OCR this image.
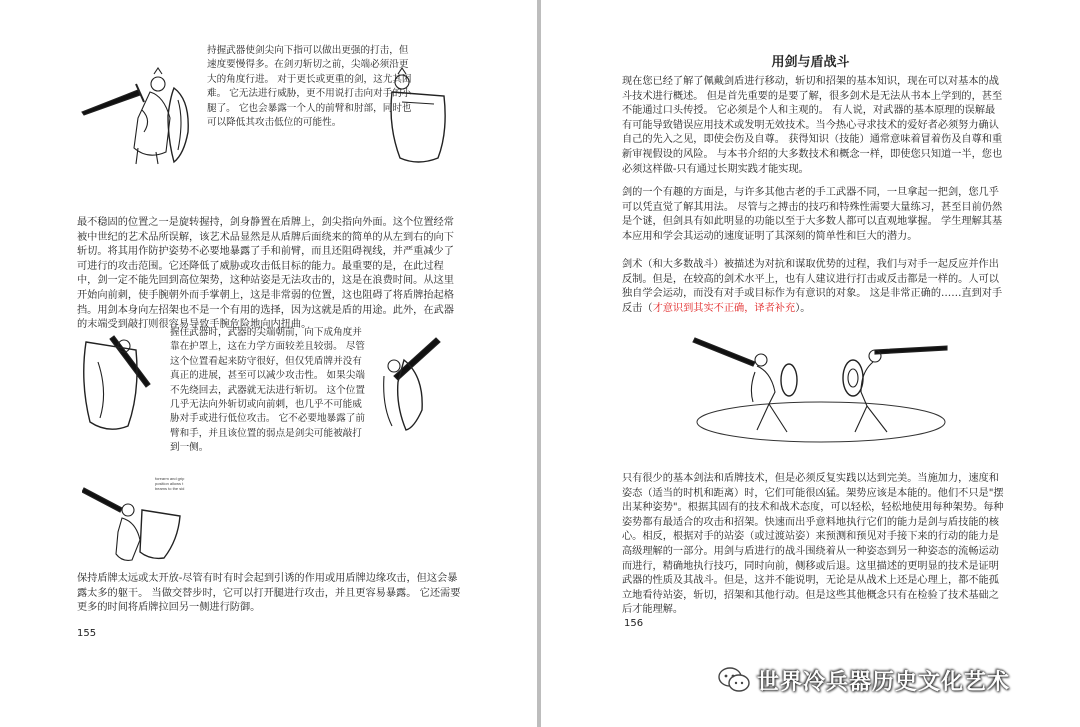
持握武器使剑尖向下指可以做出更强的打击，但速度要慢得多。在剑刃斩切之前，尖端必须沿更大的角度行进。 对于更长或更重的剑，这尤其困难。 它无法进行威胁，更不用说打击向对手的小腿了。 它也会暴露一个人的前臂和肘部，同时也可以降低其攻击低位的可能性。

最不稳固的位置之一是旋转握持，剑身静置在盾牌上，剑尖指向外面。这个位置经常被中世纪的艺术品所误解，该艺术品显然是从盾牌后面绕来的简单的从左到右的向下斩切。将其用作防护姿势不必要地暴露了手和前臂，而且还阻碍视线，并严重减少了可进行的攻击范围。它还降低了威胁或攻击低目标的能力。最重要的是，在此过程中，剑一定不能先回到高位架势，这种站姿是无法攻击的，这是在浪费时间。从这里开始向前刺，使手腕朝外而手掌朝上，这是非常弱的位置，这也阻碍了将盾牌抬起格挡。用剑本身向左招架也不是一个有用的选择，因为这就是盾的用途。此外，在武器的末端受到敲打则很容易导致手腕危险地向内扭曲。

握住武器时，武器的尖端朝前，向下成角度并靠在护罩上，这在力学方面较差且较弱。 尽管这个位置看起来防守很好，但仅凭盾牌并没有真正的进展，甚至可以减少攻击性。 如果尖端不先绕回去，武器就无法进行斩切。 这个位置几乎无法向外斩切或向前刺，也几乎不可能威胁对手或进行低位攻击。 它不必要地暴露了前臂和手，并且该位置的弱点是剑尖可能被敲打到一侧。

forearm and grip position allows t beams to the sid

保持盾牌太远或太开放-尽管有时有时会起到引诱的作用或用盾牌边缘攻击，但这会暴露太多的躯干。 当做交替步时，它可以打开腿进行攻击，并且更容易暴露。 它还需要更多的时间将盾牌拉回另一侧进行防御。

155
用剑与盾战斗

现在您已经了解了佩戴剑盾进行移动，斩切和招架的基本知识，现在可以对基本的战斗技术进行概述。 但是首先重要的是要了解，很多剑术是无法从书本上学到的，甚至不能通过口头传授。 它必须是个人和主观的。 有人说，对武器的基本原理的误解最有可能导致错误应用技术或发明无效技术。当今热心寻求技术的爱好者必须努力确认自己的先入之见，即使会伤及自尊。 获得知识（技能）通常意味着冒着伤及自尊和重新审视假设的风险。 与本书介绍的大多数技术和概念一样，即使您只知道一半，您也必须这样做-只有通过长期实践才能实现。

剑的一个有趣的方面是，与许多其他古老的手工武器不同，一旦拿起一把剑，您几乎可以凭直觉了解其用法。 尽管与之搏击的技巧和特殊性需要大量练习，甚至目前仍然是个谜，但剑具有如此明显的功能以至于大多数人都可以直观地掌握。 学生理解其基本应用和学会其运动的速度证明了其深刻的简单性和巨大的潜力。

剑术（和大多数战斗）被描述为对抗和谋取优势的过程，我们与对手一起反应并作出反制。但是，在较高的剑术水平上，也有人建议进行打击或反击都是一样的。人可以独自学会运动，而没有对手或目标作为有意识的对象。 这是非常正确的……直到对手反击（才意识到其实不正确，译者补充）。

只有很少的基本剑法和盾牌技术，但是必须反复实践以达到完美。当施加力，速度和姿态（适当的时机和距离）时，它们可能很凶猛。架势应该是本能的。他们不只是"摆出某种姿势"。根据其固有的技术和战术态度，可以轻松，轻松地使用每种架势。每种姿势都有最适合的攻击和招架。快速而出乎意料地执行它们的能力是剑与盾技能的核心。相反，根据对手的站姿（或过渡站姿）来预测和预见对手接下来的行动的能力是高级理解的一部分。用剑与盾进行的战斗围绕着从一种姿态到另一种姿态的流畅运动而进行，精确地执行技巧，同时向前，侧移或后退。这里描述的更明显的技术是证明武器的性质及其战斗。但是，这并不能说明，无论是从战术上还是心理上，都不能孤立地看待站姿，斩切，招架和其他行动。但是这些其他概念只有在检验了技术基础之后才能理解。

156
世界冷兵器历史文化艺术
